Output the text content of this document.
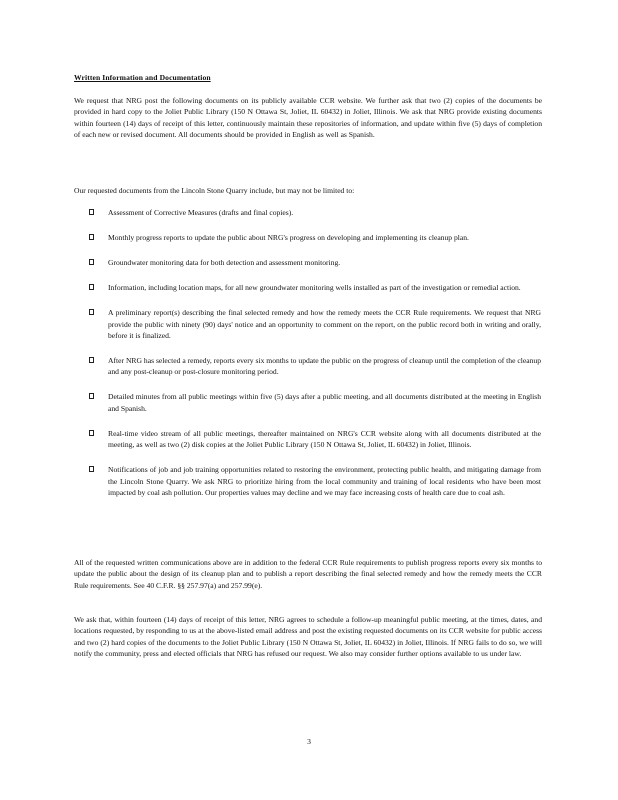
Written Information and Documentation

We request that NRG post the following documents on its publicly available CCR website. We further ask that two (2) copies of the documents be provided in hard copy to the Joliet Public Library (150 N Ottawa St, Joliet, IL 60432) in Joliet, Illinois. We ask that NRG provide existing documents within fourteen (14) days of receipt of this letter, continuously maintain these repositories of information, and update within five (5) days of completion of each new or revised document. All documents should be provided in English as well as Spanish.

Our requested documents from the Lincoln Stone Quarry include, but may not be limited to:

Assessment of Corrective Measures (drafts and final copies).
Monthly progress reports to update the public about NRG's progress on developing and implementing its cleanup plan.
Groundwater monitoring data for both detection and assessment monitoring.
Information, including location maps, for all new groundwater monitoring wells installed as part of the investigation or remedial action.
A preliminary report(s) describing the final selected remedy and how the remedy meets the CCR Rule requirements. We request that NRG provide the public with ninety (90) days' notice and an opportunity to comment on the report, on the public record both in writing and orally, before it is finalized.
After NRG has selected a remedy, reports every six months to update the public on the progress of cleanup until the completion of the cleanup and any post-cleanup or post-closure monitoring period.
Detailed minutes from all public meetings within five (5) days after a public meeting, and all documents distributed at the meeting in English and Spanish.
Real-time video stream of all public meetings, thereafter maintained on NRG's CCR website along with all documents distributed at the meeting, as well as two (2) disk copies at the Joliet Public Library (150 N Ottawa St, Joliet, IL 60432) in Joliet, Illinois.
Notifications of job and job training opportunities related to restoring the environment, protecting public health, and mitigating damage from the Lincoln Stone Quarry. We ask NRG to prioritize hiring from the local community and training of local residents who have been most impacted by coal ash pollution. Our properties values may decline and we may face increasing costs of health care due to coal ash.

All of the requested written communications above are in addition to the federal CCR Rule requirements to publish progress reports every six months to update the public about the design of its cleanup plan and to publish a report describing the final selected remedy and how the remedy meets the CCR Rule requirements. See 40 C.F.R. §§ 257.97(a) and 257.99(e).

We ask that, within fourteen (14) days of receipt of this letter, NRG agrees to schedule a follow-up meaningful public meeting, at the times, dates, and locations requested, by responding to us at the above-listed email address and post the existing requested documents on its CCR website for public access and two (2) hard copies of the documents to the Joliet Public Library (150 N Ottawa St, Joliet, IL 60432) in Joliet, Illinois. If NRG fails to do so, we will notify the community, press and elected officials that NRG has refused our request. We also may consider further options available to us under law.

3
